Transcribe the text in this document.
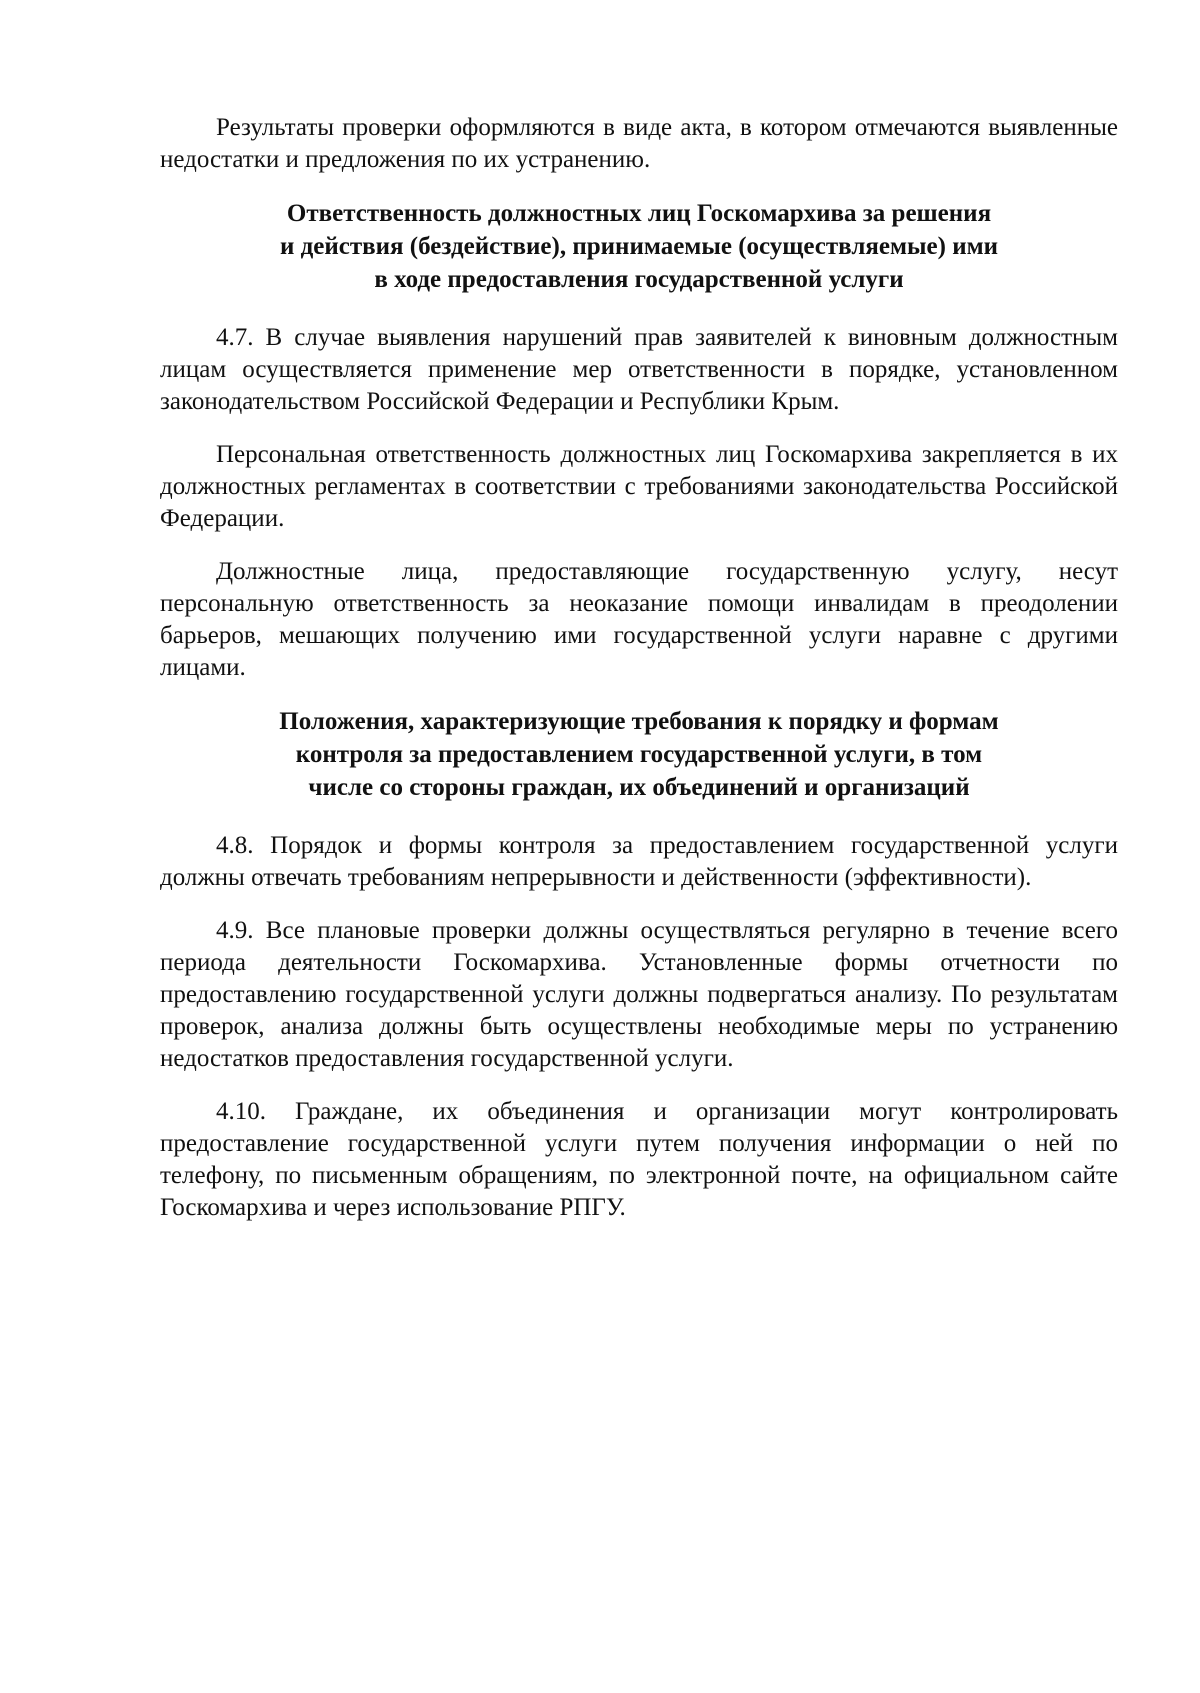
Результаты проверки оформляются в виде акта, в котором отмечаются выявленные недостатки и предложения по их устранению.

Ответственность должностных лиц Госкомархива за решения
и действия (бездействие), принимаемые (осуществляемые) ими
в ходе предоставления государственной услуги

4.7. В случае выявления нарушений прав заявителей к виновным должностным лицам осуществляется применение мер ответственности в порядке, установленном законодательством Российской Федерации и Республики Крым.

Персональная ответственность должностных лиц Госкомархива закрепляется в их должностных регламентах в соответствии с требованиями законодательства Российской Федерации.

Должностные лица, предоставляющие государственную услугу, несут персональную ответственность за неоказание помощи инвалидам в преодолении барьеров, мешающих получению ими государственной услуги наравне с другими лицами.

Положения, характеризующие требования к порядку и формам
контроля за предоставлением государственной услуги, в том
числе со стороны граждан, их объединений и организаций

4.8. Порядок и формы контроля за предоставлением государственной услуги должны отвечать требованиям непрерывности и действенности (эффективности).

4.9. Все плановые проверки должны осуществляться регулярно в течение всего периода деятельности Госкомархива. Установленные формы отчетности по предоставлению государственной услуги должны подвергаться анализу. По результатам проверок, анализа должны быть осуществлены необходимые меры по устранению недостатков предоставления государственной услуги.

4.10. Граждане, их объединения и организации могут контролировать предоставление государственной услуги путем получения информации о ней по телефону, по письменным обращениям, по электронной почте, на официальном сайте Госкомархива и через использование РПГУ.
